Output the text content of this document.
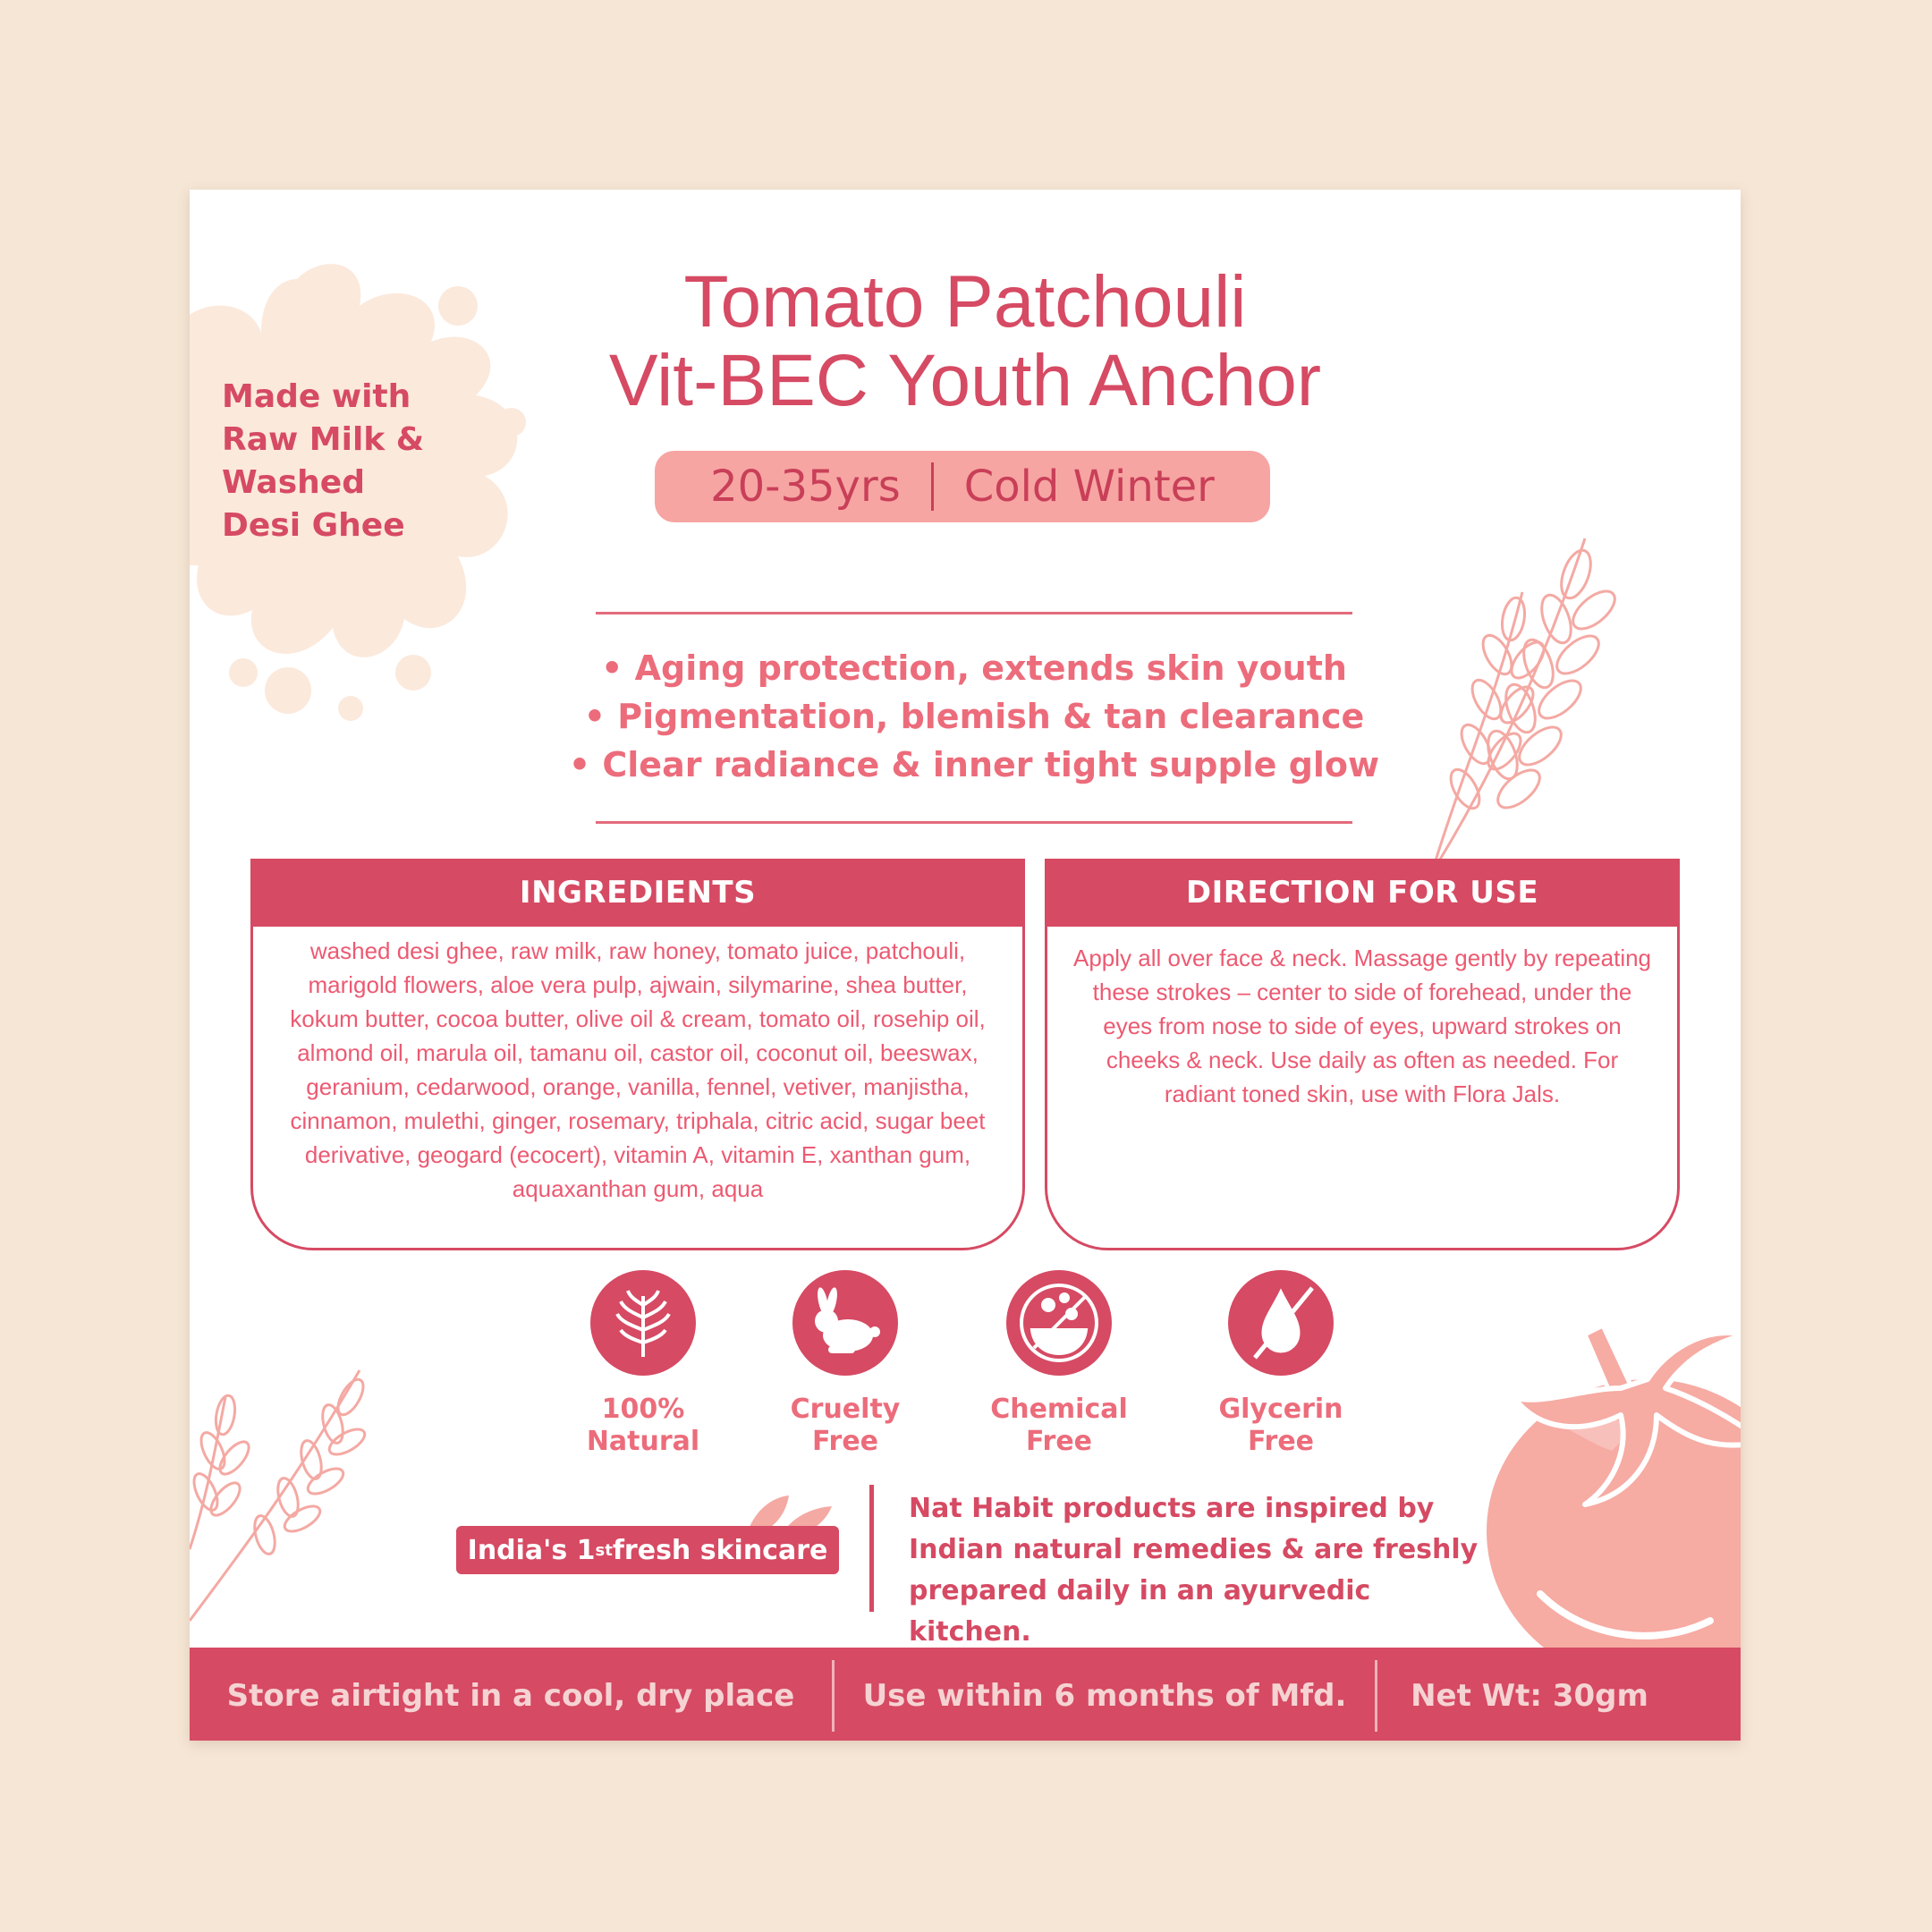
Made with
Raw Milk &
Washed
Desi Ghee
Tomato Patchouli
Vit-BEC Youth Anchor
20-35yrs Cold Winter
• Aging protection, extends skin youth
• Pigmentation, blemish & tan clearance
• Clear radiance & inner tight supple glow
INGREDIENTS
washed desi ghee, raw milk, raw honey, tomato juice, patchouli, marigold flowers, aloe vera pulp, ajwain, silymarine, shea butter, kokum butter, cocoa butter, olive oil & cream, tomato oil, rosehip oil, almond oil, marula oil, tamanu oil, castor oil, coconut oil, beeswax, geranium, cedarwood, orange, vanilla, fennel, vetiver, manjistha, cinnamon, mulethi, ginger, rosemary, triphala, citric acid, sugar beet derivative, geogard (ecocert), vitamin A, vitamin E, xanthan gum, aquaxanthan gum, aqua
DIRECTION FOR USE
Apply all over face & neck. Massage gently by repeating these strokes – center to side of forehead, under the eyes from nose to side of eyes, upward strokes on cheeks & neck. Use daily as often as needed. For radiant toned skin, use with Flora Jals.
100%
Natural
Cruelty
Free
Chemical
Free
Glycerin
Free
India's 1 st fresh skincare
Nat Habit products are inspired by Indian natural remedies & are freshly prepared daily in an ayurvedic kitchen.
Store airtight in a cool, dry place	Use within 6 months of Mfd.	Net Wt: 30gm
